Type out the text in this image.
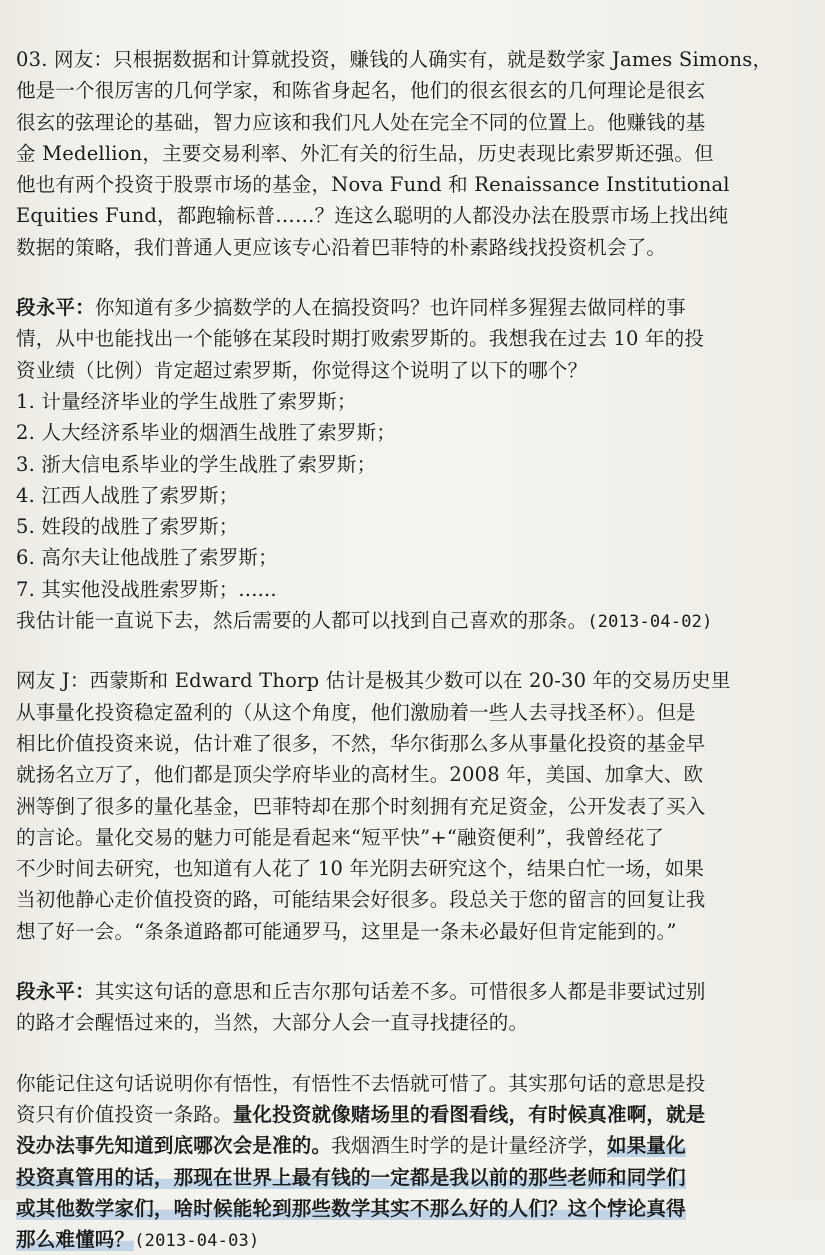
03. 网友：只根据数据和计算就投资，赚钱的人确实有，就是数学家 James Simons，
他是一个很厉害的几何学家，和陈省身起名，他们的很玄很玄的几何理论是很玄
很玄的弦理论的基础，智力应该和我们凡人处在完全不同的位置上。他赚钱的基
金 Medellion，主要交易利率、外汇有关的衍生品，历史表现比索罗斯还强。但
他也有两个投资于股票市场的基金，Nova Fund 和 Renaissance Institutional
Equities Fund，都跑输标普……？连这么聪明的人都没办法在股票市场上找出纯
数据的策略，我们普通人更应该专心沿着巴菲特的朴素路线找投资机会了。
段永平：你知道有多少搞数学的人在搞投资吗？也许同样多猩猩去做同样的事
情，从中也能找出一个能够在某段时期打败索罗斯的。我想我在过去 10 年的投
资业绩（比例）肯定超过索罗斯，你觉得这个说明了以下的哪个？
1. 计量经济毕业的学生战胜了索罗斯；
2. 人大经济系毕业的烟酒生战胜了索罗斯；
3. 浙大信电系毕业的学生战胜了索罗斯；
4. 江西人战胜了索罗斯；
5. 姓段的战胜了索罗斯；
6. 高尔夫让他战胜了索罗斯；
7. 其实他没战胜索罗斯；......
我估计能一直说下去，然后需要的人都可以找到自己喜欢的那条。(2013-04-02)
网友 J：西蒙斯和 Edward Thorp 估计是极其少数可以在 20-30 年的交易历史里
从事量化投资稳定盈利的（从这个角度，他们激励着一些人去寻找圣杯）。但是
相比价值投资来说，估计难了很多，不然，华尔街那么多从事量化投资的基金早
就扬名立万了，他们都是顶尖学府毕业的高材生。2008 年，美国、加拿大、欧
洲等倒了很多的量化基金，巴菲特却在那个时刻拥有充足资金，公开发表了买入
的言论。量化交易的魅力可能是看起来“短平快”+“融资便利”，我曾经花了
不少时间去研究，也知道有人花了 10 年光阴去研究这个，结果白忙一场，如果
当初他静心走价值投资的路，可能结果会好很多。段总关于您的留言的回复让我
想了好一会。“条条道路都可能通罗马，这里是一条未必最好但肯定能到的。”
段永平：其实这句话的意思和丘吉尔那句话差不多。可惜很多人都是非要试过别
的路才会醒悟过来的，当然，大部分人会一直寻找捷径的。
你能记住这句话说明你有悟性，有悟性不去悟就可惜了。其实那句话的意思是投
资只有价值投资一条路。量化投资就像赌场里的看图看线，有时候真准啊，就是
没办法事先知道到底哪次会是准的。我烟酒生时学的是计量经济学，如果量化
投资真管用的话，那现在世界上最有钱的一定都是我以前的那些老师和同学们
或其他数学家们，啥时候能轮到那些数学其实不那么好的人们？这个悖论真得
那么难懂吗？(2013-04-03)
